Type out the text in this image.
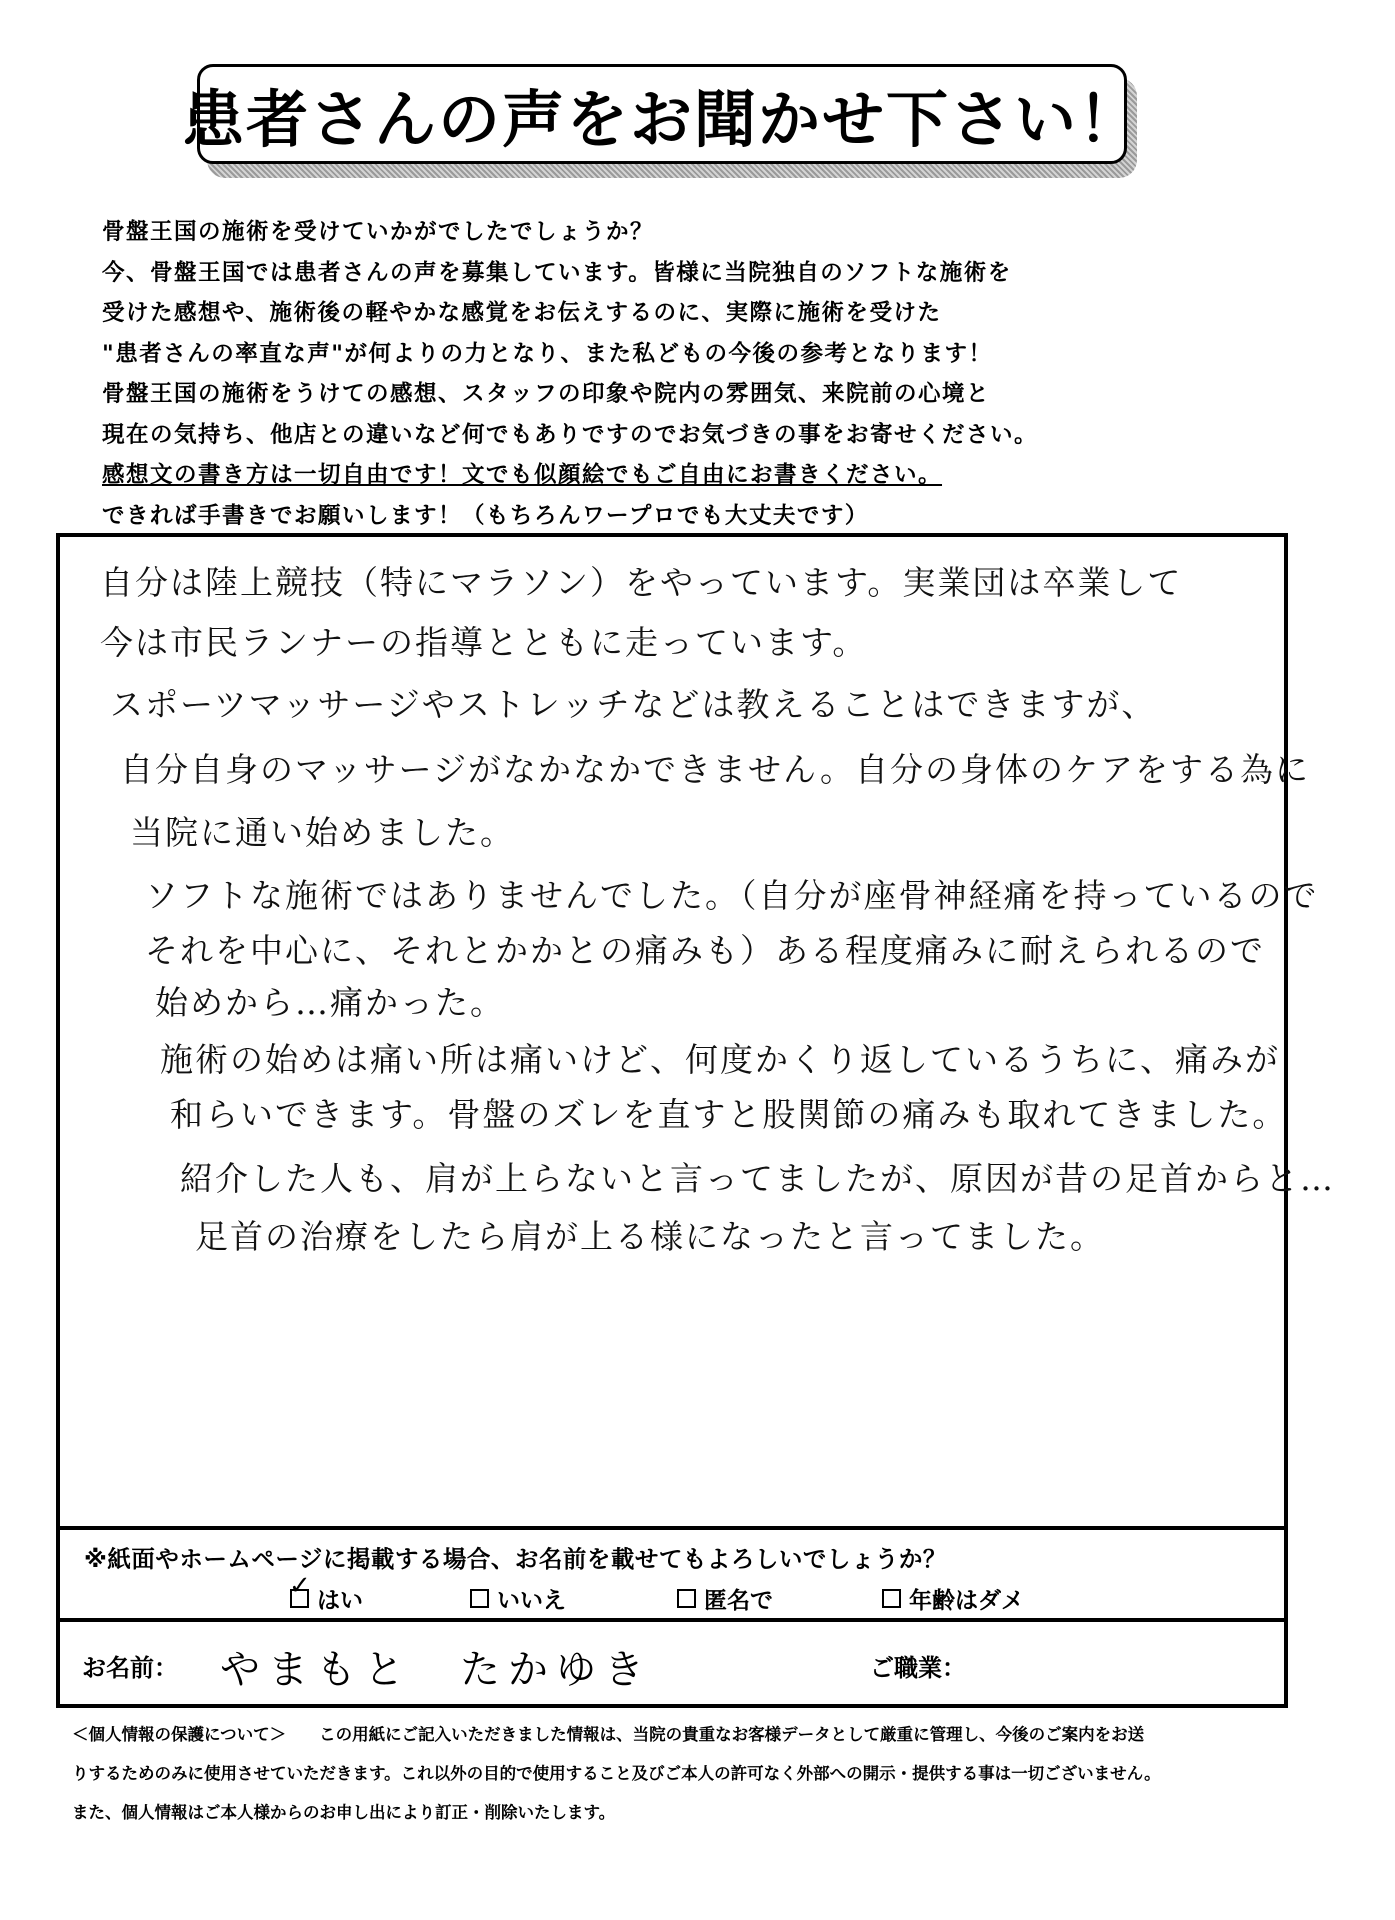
患者さんの声をお聞かせ下さい！
骨盤王国の施術を受けていかがでしたでしょうか？
今、骨盤王国では患者さんの声を募集しています。皆様に当院独自のソフトな施術を
受けた感想や、施術後の軽やかな感覚をお伝えするのに、実際に施術を受けた
"患者さんの率直な声"が何よりの力となり、また私どもの今後の参考となります！
骨盤王国の施術をうけての感想、スタッフの印象や院内の雰囲気、来院前の心境と
現在の気持ち、他店との違いなど何でもありですのでお気づきの事をお寄せください。
感想文の書き方は一切自由です！文でも似顔絵でもご自由にお書きください。
できれば手書きでお願いします！（もちろんワープロでも大丈夫です）
自分は陸上競技（特にマラソン）をやっています。実業団は卒業して
今は市民ランナーの指導とともに走っています。
スポーツマッサージやストレッチなどは教えることはできますが、
自分自身のマッサージがなかなかできません。自分の身体のケアをする為に
当院に通い始めました。
ソフトな施術ではありませんでした。（自分が座骨神経痛を持っているので
それを中心に、それとかかとの痛みも）ある程度痛みに耐えられるので
始めから…痛かった。
施術の始めは痛い所は痛いけど、何度かくり返しているうちに、痛みが
和らいできます。骨盤のズレを直すと股関節の痛みも取れてきました。
紹介した人も、肩が上らないと言ってましたが、原因が昔の足首からと…
足首の治療をしたら肩が上る様になったと言ってました。
※紙面やホームページに掲載する場合、お名前を載せてもよろしいでしょうか？
✓ はい	いいえ	匿名で	年齢はダメ
お名前： やまもと　たかゆき	ご職業：
＜個人情報の保護について＞　　この用紙にご記入いただきました情報は、当院の貴重なお客様データとして厳重に管理し、今後のご案内をお送
りするためのみに使用させていただきます。これ以外の目的で使用すること及びご本人の許可なく外部への開示・提供する事は一切ございません。
また、個人情報はご本人様からのお申し出により訂正・削除いたします。
